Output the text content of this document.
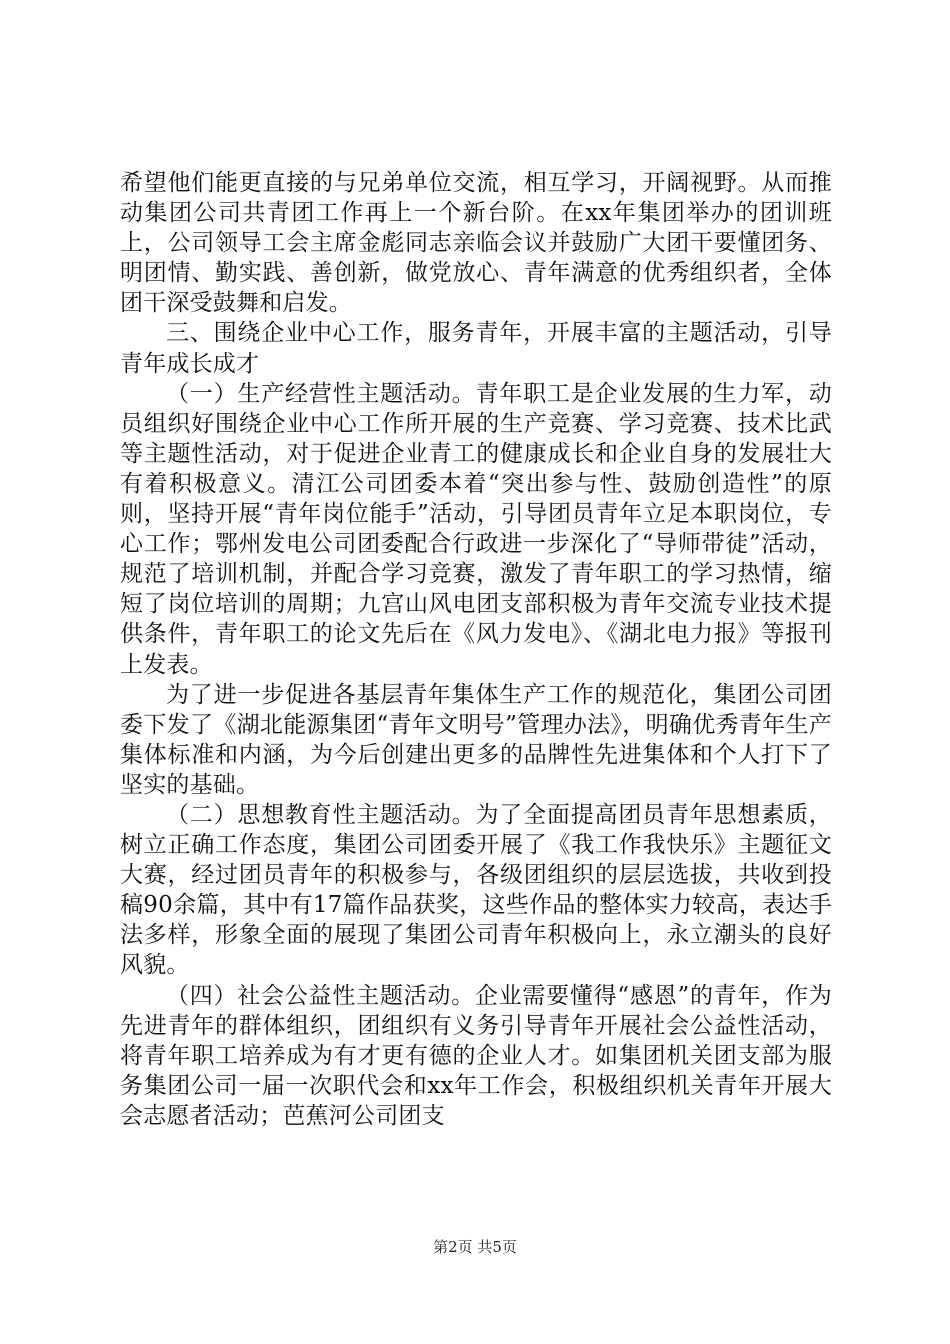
希望他们能更直接的与兄弟单位交流，相互学习，开阔视野。从而推动集团公司共青团工作再上一个新台阶。在xx年集团举办的团训班上，公司领导工会主席金彪同志亲临会议并鼓励广大团干要懂团务、明团情、勤实践、善创新，做党放心、青年满意的优秀组织者，全体团干深受鼓舞和启发。

三、围绕企业中心工作，服务青年，开展丰富的主题活动，引导青年成长成才

（一）生产经营性主题活动。青年职工是企业发展的生力军，动员组织好围绕企业中心工作所开展的生产竞赛、学习竞赛、技术比武等主题性活动，对于促进企业青工的健康成长和企业自身的发展壮大有着积极意义。清江公司团委本着“突出参与性、鼓励创造性”的原则，坚持开展“青年岗位能手”活动，引导团员青年立足本职岗位，专心工作；鄂州发电公司团委配合行政进一步深化了“导师带徒”活动，规范了培训机制，并配合学习竞赛，激发了青年职工的学习热情，缩短了岗位培训的周期；九宫山风电团支部积极为青年交流专业技术提供条件，青年职工的论文先后在《风力发电》、《湖北电力报》等报刊上发表。

为了进一步促进各基层青年集体生产工作的规范化，集团公司团委下发了《湖北能源集团“青年文明号”管理办法》，明确优秀青年生产集体标准和内涵，为今后创建出更多的品牌性先进集体和个人打下了坚实的基础。

（二）思想教育性主题活动。为了全面提高团员青年思想素质，树立正确工作态度，集团公司团委开展了《我工作我快乐》主题征文大赛，经过团员青年的积极参与，各级团组织的层层选拔，共收到投稿90余篇，其中有17篇作品获奖，这些作品的整体实力较高，表达手法多样，形象全面的展现了集团公司青年积极向上，永立潮头的良好风貌。

（四）社会公益性主题活动。企业需要懂得“感恩”的青年，作为先进青年的群体组织，团组织有义务引导青年开展社会公益性活动，将青年职工培养成为有才更有德的企业人才。如集团机关团支部为服务集团公司一届一次职代会和xx年工作会，积极组织机关青年开展大会志愿者活动；芭蕉河公司团支

第2页 共5页
